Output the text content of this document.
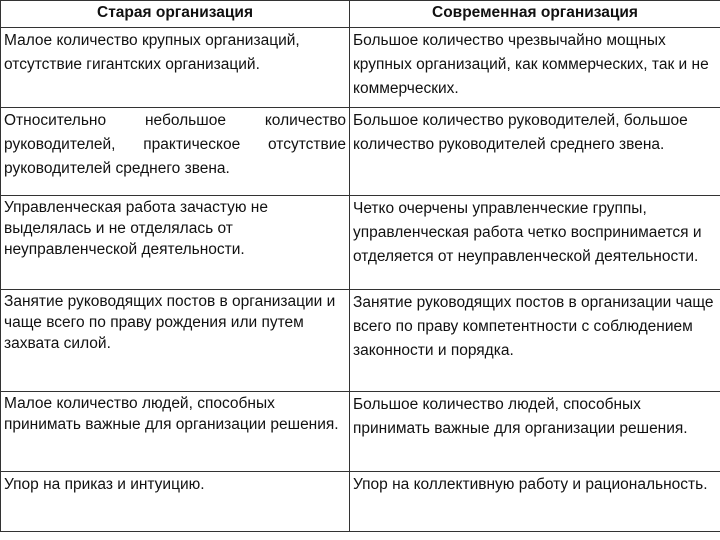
Старая организация	Современная организация
Малое количество крупных организаций, отсутствие гигантских организаций.	Большое количество чрезвычайно мощных крупных организаций, как коммерческих, так и не коммерческих.
Относительно небольшое количество руководителей, практическое отсутствие руководителей среднего звена.	Большое количество руководителей, большое количество руководителей среднего звена.
Управленческая работа зачастую не выделялась и не отделялась от неуправленческой деятельности.	Четко очерчены управленческие группы, управленческая работа четко воспринимается и отделяется от неуправленческой деятельности.
Занятие руководящих постов в организации и чаще всего по праву рождения или путем захвата силой.	Занятие руководящих постов в организации чаще всего по праву компетентности с соблюдением законности и порядка.
Малое количество людей, способных принимать важные для организации решения.	Большое количество людей, способных принимать важные для организации решения.
Упор на приказ и интуицию.	Упор на коллективную работу и рациональность.
